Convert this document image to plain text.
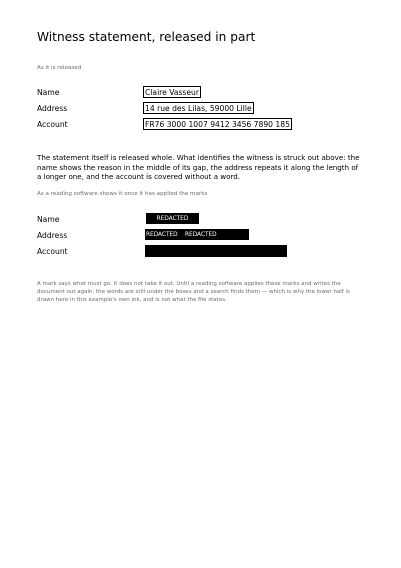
Witness statement, released in part
As it is released
Name	Claire Vasseur
Address	14 rue des Lilas, 59000 Lille
Account	FR76 3000 1007 9412 3456 7890 185
The statement itself is released whole. What identifies the witness is struck out above: the name shows the reason in the middle of its gap, the address repeats it along the length of a longer one, and the account is covered without a word.
As a reading software shows it once it has applied the marks
Name	REDACTED
Address	REDACTED REDACTED
Account
A mark says what must go. It does not take it out. Until a reading software applies these marks and writes the document out again, the words are still under the boxes and a search finds them — which is why the lower half is drawn here in this example's own ink, and is not what the file states.
